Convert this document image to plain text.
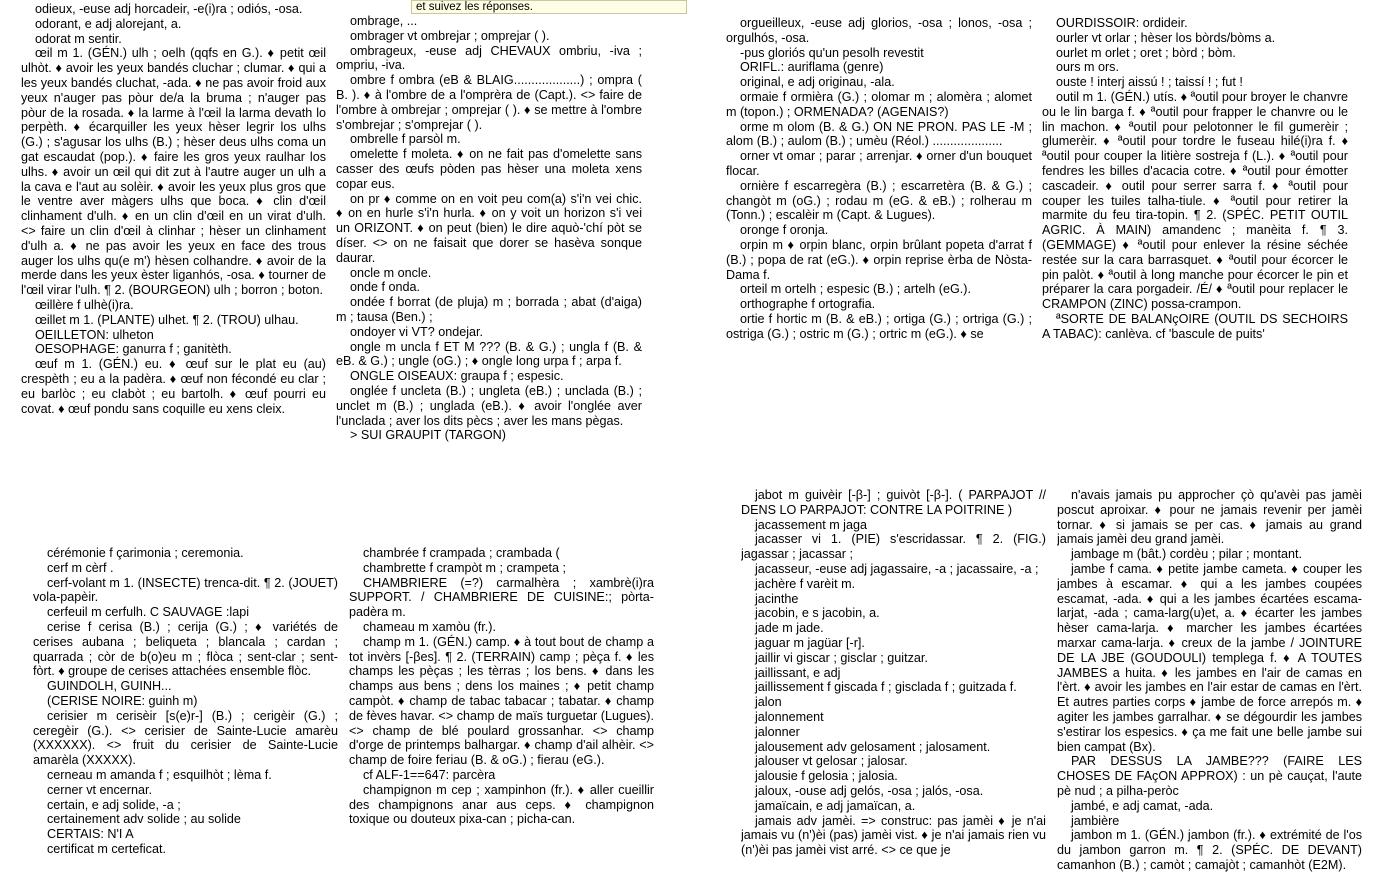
et suivez les réponses.

odieux, -euse adj horcadeir, -e(i)ra ; odiós, -osa.

odorant, e adj alorejant, a.

odorat m sentir.

œil m 1. (GÉN.) ulh ; oelh (qqfs en G.). ♦ petit œil ulhòt. ♦ avoir les yeux bandés cluchar ; clumar. ♦ qui a les yeux bandés cluchat, -ada. ♦ ne pas avoir froid aux yeux n'auger pas pòur de/a la bruma ; n'auger pas pòur de la rosada. ♦ la larme à l'œil la larma devath lo perpèth. ♦ écarquiller les yeux hèser legrir los ulhs (G.) ; s'agusar los ulhs (B.) ; hèser deus ulhs coma un gat escaudat (pop.). ♦ faire les gros yeux raulhar los ulhs. ♦ avoir un œil qui dit zut à l'autre auger un ulh a la cava e l'aut au solèir. ♦ avoir les yeux plus gros que le ventre aver màgers ulhs que boca. ♦ clin d'œil clinhament d'ulh. ♦ en un clin d'œil en un virat d'ulh. <> faire un clin d'œil à clinhar ; hèser un clinhament d'ulh a. ♦ ne pas avoir les yeux en face des trous auger los ulhs qu(e m') hèsen colhandre. ♦ avoir de la merde dans les yeux èster liganhós, -osa. ♦ tourner de l'œil virar l'ulh. ¶ 2. (BOURGEON) ulh ; borron ; boton.

œillère f ulhè(i)ra.

œillet m 1. (PLANTE) ulhet. ¶ 2. (TROU) ulhau.

OEILLETON: ulheton

OESOPHAGE: ganurra f ; ganitèth.

œuf m 1. (GÉN.) eu. ♦ œuf sur le plat eu (au) crespèth ; eu a la padèra. ♦ œuf non fécondé eu clar ; eu barlòc ; eu clabòt ; eu bartolh. ♦ œuf pourri eu covat. ♦ œuf pondu sans coquille eu xens cleix.

ombrage, ...

ombrager vt ombrejar ; omprejar ( ).

ombrageux, -euse adj CHEVAUX ombriu, -iva ; ompriu, -iva.

ombre f ombra (eB & BLAIG...................) ; ompra ( B. ). ♦ à l'ombre de a l'omprèra de (Capt.). <> faire de l'ombre à ombrejar ; omprejar ( ). ♦ se mettre à l'ombre s'ombrejar ; s'omprejar ( ).

ombrelle f parsòl m.

omelette f moleta. ♦ on ne fait pas d'omelette sans casser des œufs pòden pas hèser una moleta xens copar eus.

on pr ♦ comme on en voit peu com(a) s'i'n vei chic. ♦ on en hurle s'i'n hurla. ♦ on y voit un horizon s'i vei un ORIZONT. ♦ on peut (bien) le dire aquò-'chí pòt se díser. <> on ne faisait que dorer se hasèva sonque daurar.

oncle m oncle.

onde f onda.

ondée f borrat (de pluja) m ; borrada ; abat (d'aiga) m ; tausa (Ben.) ;

ondoyer vi VT? ondejar.

ongle m uncla f ET M ??? (B. & G.) ; ungla f (B. & eB. & G.) ; ungle (oG.) ; ♦ ongle long urpa f ; arpa f.

ONGLE OISEAUX: graupa f ; espesic.

onglée f uncleta (B.) ; ungleta (eB.) ; unclada (B.) ; unclet m (B.) ; unglada (eB.). ♦ avoir l'onglée aver l'unclada ; aver los dits pècs ; aver les mans pègas.

> SUI GRAUPIT (TARGON)

orgueilleux, -euse adj glorios, -osa ; lonos, -osa ; orgulhós, -osa.

-pus gloriós qu'un pesolh revestit

ORIFL.: auriflama (genre)

original, e adj originau, -ala.

ormaie f ormièra (G.) ; olomar m ; alomèra ; alomet m (topon.) ; ORMENADA? (AGENAIS?)

orme m olom (B. & G.) ON NE PRON. PAS LE -M ; alom (B.) ; aulom (B.) ; umèu (Réol.) ....................

orner vt omar ; parar ; arrenjar. ♦ orner d'un bouquet flocar.

ornière f escarregèra (B.) ; escarretèra (B. & G.) ; changòt m (oG.) ; rodau m (eG. & eB.) ; rolherau m (Tonn.) ; escalèir m (Capt. & Lugues).

oronge f oronja.

orpin m ♦ orpin blanc, orpin brûlant popeta d'arrat f (B.) ; popa de rat (eG.). ♦ orpin reprise èrba de Nòsta-Dama f.

orteil m ortelh ; espesic (B.) ; artelh (eG.).

orthographe f ortografia.

ortie f hortic m (B. & eB.) ; ortiga (G.) ; ortriga (G.) ; ostriga (G.) ; ostric m (G.) ; ortric m (eG.). ♦ se

OURDISSOIR: ordideir.

ourler vt orlar ; hèser los bòrds/bòms a.

ourlet m orlet ; oret ; bòrd ; bòm.

ours m ors.

ouste ! interj aissú ! ; taissí ! ; fut !

outil m 1. (GÉN.) utís. ♦ ªoutil pour broyer le chanvre ou le lin barga f. ♦ ªoutil pour frapper le chanvre ou le lin machon. ♦ ªoutil pour pelotonner le fil gumerèir ; glumerèir. ♦ ªoutil pour tordre le fuseau hilé(i)ra f. ♦ ªoutil pour couper la litière sostreja f (L.). ♦ ªoutil pour fendres les billes d'acacia cotre. ♦ ªoutil pour émotter cascadeir. ♦ outil pour serrer sarra f. ♦ ªoutil pour couper les tuiles talha-tiule. ♦ ªoutil pour retirer la marmite du feu tira-topin. ¶ 2. (SPÉC. PETIT OUTIL AGRIC. À MAIN) amandenc ; manèita f. ¶ 3. (GEMMAGE) ♦ ªoutil pour enlever la résine séchée restée sur la cara barrasquet. ♦ ªoutil pour écorcer le pin palòt. ♦ ªoutil à long manche pour écorcer le pin et préparer la cara porgadeir. /É/ ♦ ªoutil pour replacer le CRAMPON (ZINC) possa-crampon.

ªSORTE DE BALANçOIRE (OUTIL DS SECHOIRS A TABAC): canlèva. cf 'bascule de puits'

cérémonie f çarimonia ; ceremonia.

cerf m cèrf .

cerf-volant m 1. (INSECTE) trenca-dit. ¶ 2. (JOUET) vola-papèir.

cerfeuil m cerfulh. C SAUVAGE :lapi

cerise f cerisa (B.) ; cerija (G.) ; ♦ variétés de cerises aubana ; beliqueta ; blancala ; cardan ; quarrada ; còr de b(o)eu m ; flòca ; sent-clar ; sent-fòrt. ♦ groupe de cerises attachées ensemble flòc.

GUINDOLH, GUINH...

(CERISE NOIRE: guinh m)

cerisier m cerisèir [s(e)r-] (B.) ; cerigèir (G.) ; ceregèir (G.). <> cerisier de Sainte-Lucie amarèu (XXXXXX). <> fruit du cerisier de Sainte-Lucie amarèla (XXXXX).

cerneau m amanda f ; esquilhòt ; lèma f.

cerner vt encernar.

certain, e adj solide, -a ;

certainement adv solide ; au solide

CERTAIS: N'I A

certificat m certeficat.

chambrée f crampada ; crambada (

chambrette f crampòt m ; crampeta ;

CHAMBRIERE (=?) carmalhèra ; xambrè(i)ra SUPPORT. / CHAMBRIERE DE CUISINE:; pòrta-padèra m.

chameau m xamòu (fr.).

champ m 1. (GÉN.) camp. ♦ à tout bout de champ a tot invèrs [-βes]. ¶ 2. (TERRAIN) camp ; pèça f. ♦ les champs les pèças ; les tèrras ; los bens. ♦ dans les champs aus bens ; dens los maines ; ♦ petit champ campòt. ♦ champ de tabac tabacar ; tabatar. ♦ champ de fèves havar. <> champ de maïs turguetar (Lugues). <> champ de blé poulard grossanhar. <> champ d'orge de printemps balhargar. ♦ champ d'ail alhèir. <> champ de foire feriau (B. & oG.) ; fierau (eG.).

cf ALF-1==647: parcèra

champignon m cep ; xampinhon (fr.). ♦ aller cueillir des champignons anar aus ceps. ♦ champignon toxique ou douteux pixa-can ; picha-can.

jabot m guivèir [-β-] ; guivòt [-β-]. ( PARPAJOT // DENS LO PARPAJOT: CONTRE LA POITRINE )

jacassement m jaga

jacasser vi 1. (PIE) s'escridassar. ¶ 2. (FIG.) jagassar ; jacassar ;

jacasseur, -euse adj jagassaire, -a ; jacassaire, -a ;

jachère f varèit m.

jacinthe

jacobin, e s jacobin, a.

jade m jade.

jaguar m jagüar [-r].

jaillir vi giscar ; gisclar ; guitzar.

jaillissant, e adj

jaillissement f giscada f ; gisclada f ; guitzada f.

jalon

jalonnement

jalonner

jalousement adv gelosament ; jalosament.

jalouser vt gelosar ; jalosar.

jalousie f gelosia ; jalosia.

jaloux, -ouse adj gelós, -osa ; jalós, -osa.

jamaïcain, e adj jamaïcan, a.

jamais adv jamèi. => construc: pas jamèi ♦ je n'ai jamais vu (n')èi (pas) jamèi vist. ♦ je n'ai jamais rien vu (n')èi pas jamèi vist arré. <> ce que je

n'avais jamais pu approcher çò qu'avèi pas jamèi poscut aproixar. ♦ pour ne jamais revenir per jamèi tornar. ♦ si jamais se per cas. ♦ jamais au grand jamais jamèi deu grand jamèi.

jambage m (bât.) cordèu ; pilar ; montant.

jambe f cama. ♦ petite jambe cameta. ♦ couper les jambes à escamar. ♦ qui a les jambes coupées escamat, -ada. ♦ qui a les jambes écartées escama-larjat, -ada ; cama-larg(u)et, a. ♦ écarter les jambes hèser cama-larja. ♦ marcher les jambes écartées marxar cama-larja. ♦ creux de la jambe / JOINTURE DE LA JBE (GOUDOULI) templega f. ♦ A TOUTES JAMBES a huita. ♦ les jambes en l'air de camas en l'èrt. ♦ avoir les jambes en l'air estar de camas en l'èrt. Et autres parties corps ♦ jambe de force arrepós m. ♦ agiter les jambes garralhar. ♦ se dégourdir les jambes s'estirar los espesics. ♦ ça me fait une belle jambe sui bien campat (Bx).

PAR DESSUS LA JAMBE??? (FAIRE LES CHOSES DE FAçON APPROX) : un pè cauçat, l'aute pè nud ; a pilha-peròc

jambé, e adj camat, -ada.

jambière

jambon m 1. (GÉN.) jambon (fr.). ♦ extrémité de l'os du jambon garron m. ¶ 2. (SPÉC. DE DEVANT) camanhon (B.) ; camòt ; camajòt ; camanhòt (E2M).
